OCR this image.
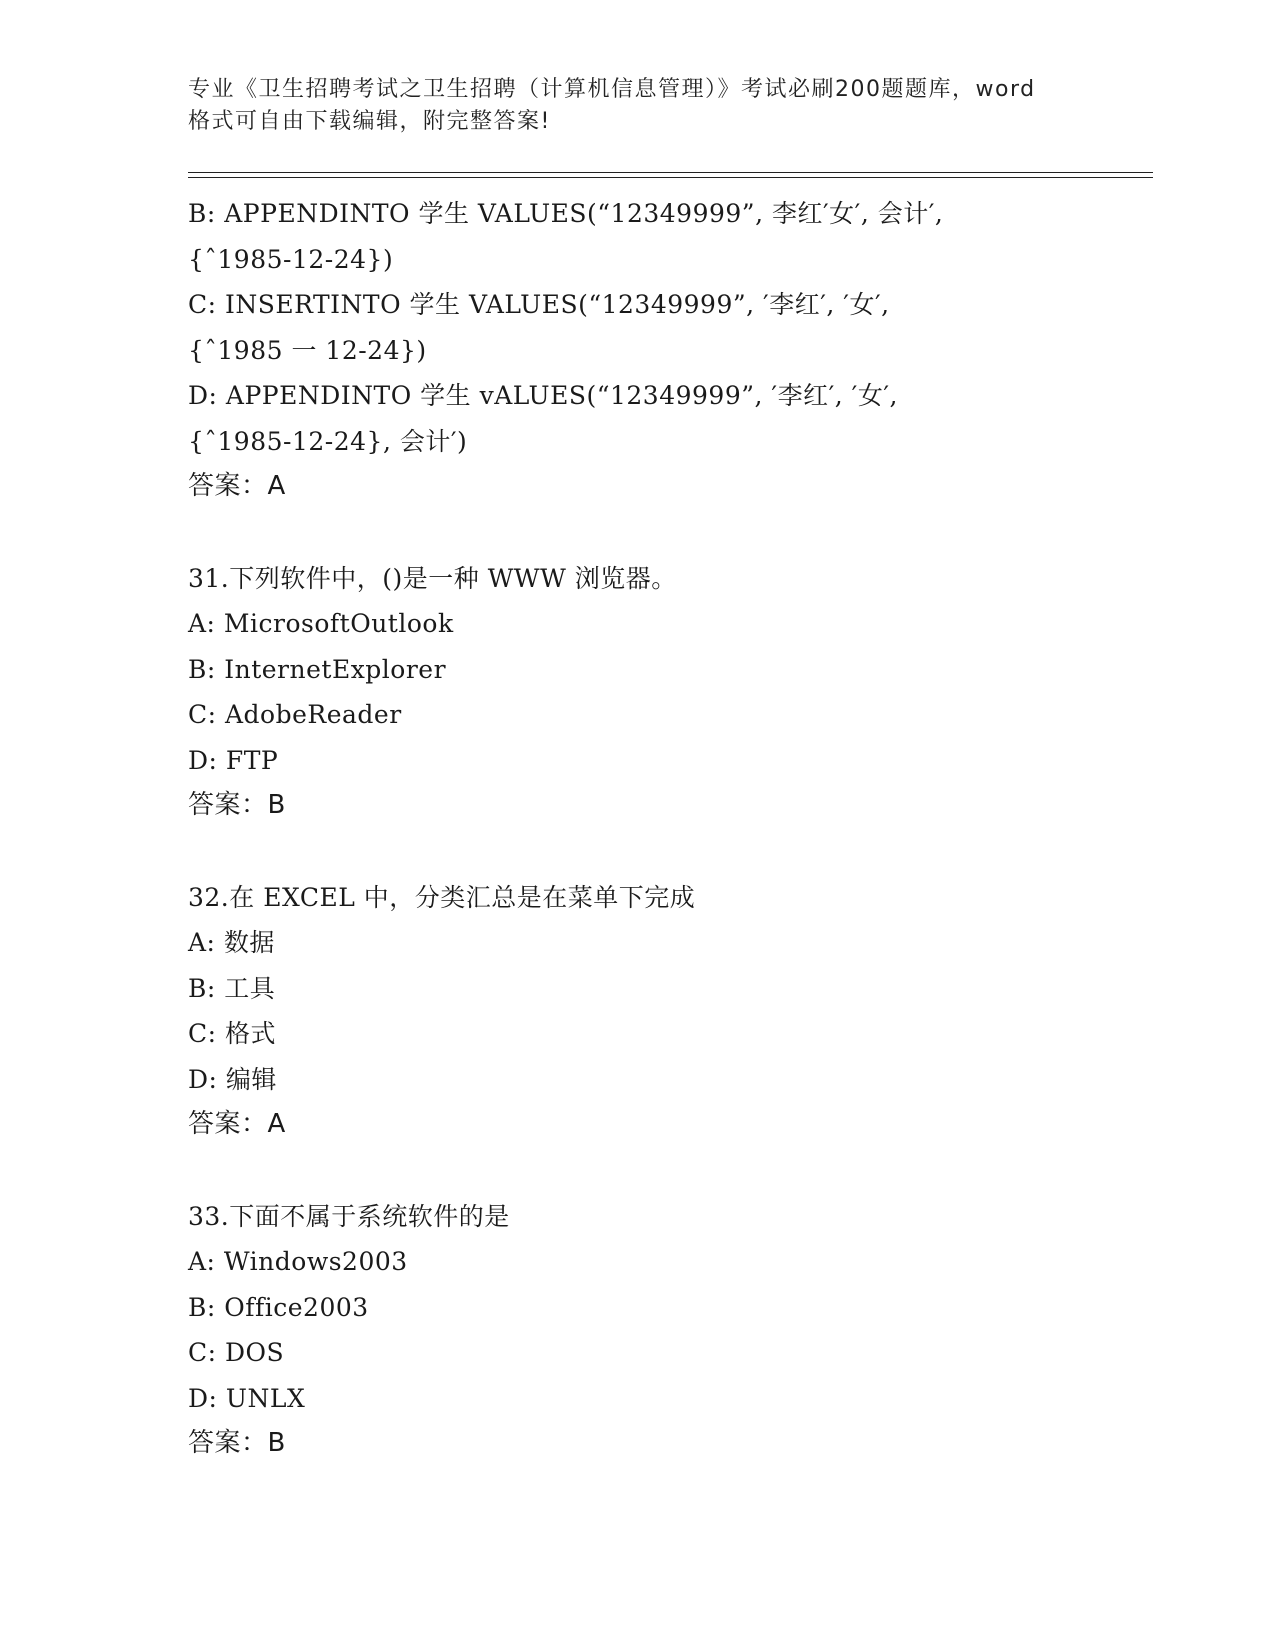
专业《卫生招聘考试之卫生招聘（计算机信息管理）》考试必刷200题题库，word
格式可自由下载编辑，附完整答案!
B: APPENDINTO 学生 VALUES(“12349999”, 李红′女′, 会计′,
{ˆ1985-12-24})
C: INSERTINTO 学生 VALUES(“12349999”, ′李红′, ′女′,
{ˆ1985 一 12-24})
D: APPENDINTO 学生 vALUES(“12349999”, ′李红′, ′女′,
{ˆ1985-12-24}, 会计′)
答案：A
31.下列软件中，()是一种 WWW 浏览器。
A: MicrosoftOutlook
B: InternetExplorer
C: AdobeReader
D: FTP
答案：B
32.在 EXCEL 中，分类汇总是在菜单下完成
A: 数据
B: 工具
C: 格式
D: 编辑
答案：A
33.下面不属于系统软件的是
A: Windows2003
B: Office2003
C: DOS
D: UNLX
答案：B
